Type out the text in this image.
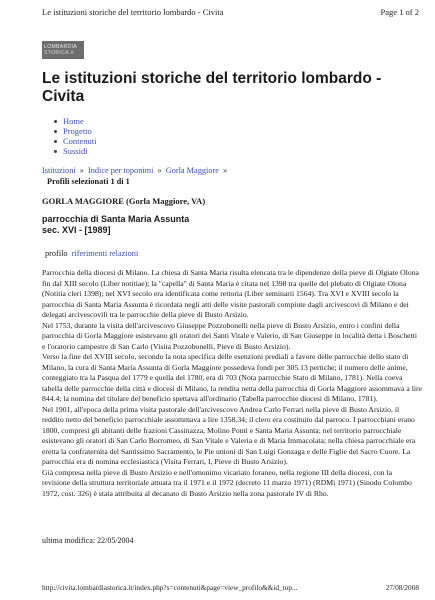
Le istituzioni storiche del territorio lombardo - Civita	Page 1 of 2
LOMBARDIA
STORICA.it
Le istituzioni storiche del territorio lombardo - Civita
Home
Progetto
Contenuti
Sussidi
Istituzioni » Indice per toponimi » Gorla Maggiore »
Profili selezionati 1 di 1
GORLA MAGGIORE (Gorla Maggiore, VA)
parrocchia di Santa Maria Assunta
sec. XVI - [1989]
profilo riferimenti relazioni

Parrocchia della diocesi di Milano. La chiesa di Santa Maria risulta elencata tra le dipendenze della pieve di Olgiate Olona fin dal XIII secolo (Liber notitiae); la "capella" di Santa Maria è citata nel 1398 tra quelle del plebato di Olgiate Olona (Notitia cleri 1398); nel XVI secolo era identificata come rettoria (Liber seminarii 1564). Tra XVI e XVIII secolo la parrocchia di Santa Maria Assunta è ricordata negli atti delle visite pastorali compiute dagli arcivescovi di Milano e dei delegati arcivescovili tra le parrocchie della pieve di Busto Arsizio.

Nel 1753, durante la visita dell'arcivescovo Giuseppe Pozzobonelli nella pieve di Busto Arsizio, entro i confini della parrocchia di Gorla Maggiore esistevano gli oratori dei Santi Vitale e Valerio, di San Giuseppe in località detta i Boschetti e l'oratorio campestre di San Carlo (Visita Pozzobonelli, Pieve di Busto Arsizio).

Verso la fine del XVIII secolo, secondo la nota specifica delle esenzioni prediali a favore delle parrocchie dello stato di Milano, la cura di Santa Maria Assunta di Gorla Maggiore possedeva fondi per 305.13 pertiche; il numero delle anime, conteggiato tra la Pasqua del 1779 e quella del 1780, era di 703 (Nota parrocchie Stato di Milano, 1781). Nella coeva tabella delle parrocchie della città e diocesi di Milano, la rendita netta della parrocchia di Gorla Maggiore assommava a lire 844.4; la nomina del titolare del beneficio spettava all'ordinario (Tabella parrocchie diocesi di Milano, 1781).

Nel 1901, all'epoca della prima visita pastorale dell'arcivescovo Andrea Carlo Ferrari nella pieve di Busto Arsizio, il reddito netto del beneficio parrocchiale assommava a lire 1358,34; il clero era costituito dal parroco. I parrocchiani erano 1800, compresi gli abitanti delle frazioni Cassinazza, Molino Ponti e Santa Maria Assunta; nel territorio parrocchiale esistevano gli oratori di San Carlo Borromeo, di San Vitale e Valeria e di Maria Immacolata; nella chiesa parrocchiale era eretta la confraternita del Santissimo Sacramento, le Pie unioni di San Luigi Gonzaga e delle Figlie del Sacro Cuore. La parrocchia era di nomina ecclesiastica (Visita Ferrari, I, Pieve di Busto Arsizio).

Già compresa nella pieve di Busto Arsizio e nell'omonimo vicariato foraneo, nella regione III della diocesi, con la revisione della struttura territoriale attuata tra il 1971 e il 1972 (decreto 11 marzo 1971) (RDMi 1971) (Sinodo Colombo 1972, cost. 326) è stata attribuita al decanato di Busto Arsizio nella zona pastorale IV di Rho.

ultima modifica: 22/05/2004
http://civita.lombardiastorica.it/index.php?s=contenuti&page=view_profilo&&id_top...	27/08/2008
